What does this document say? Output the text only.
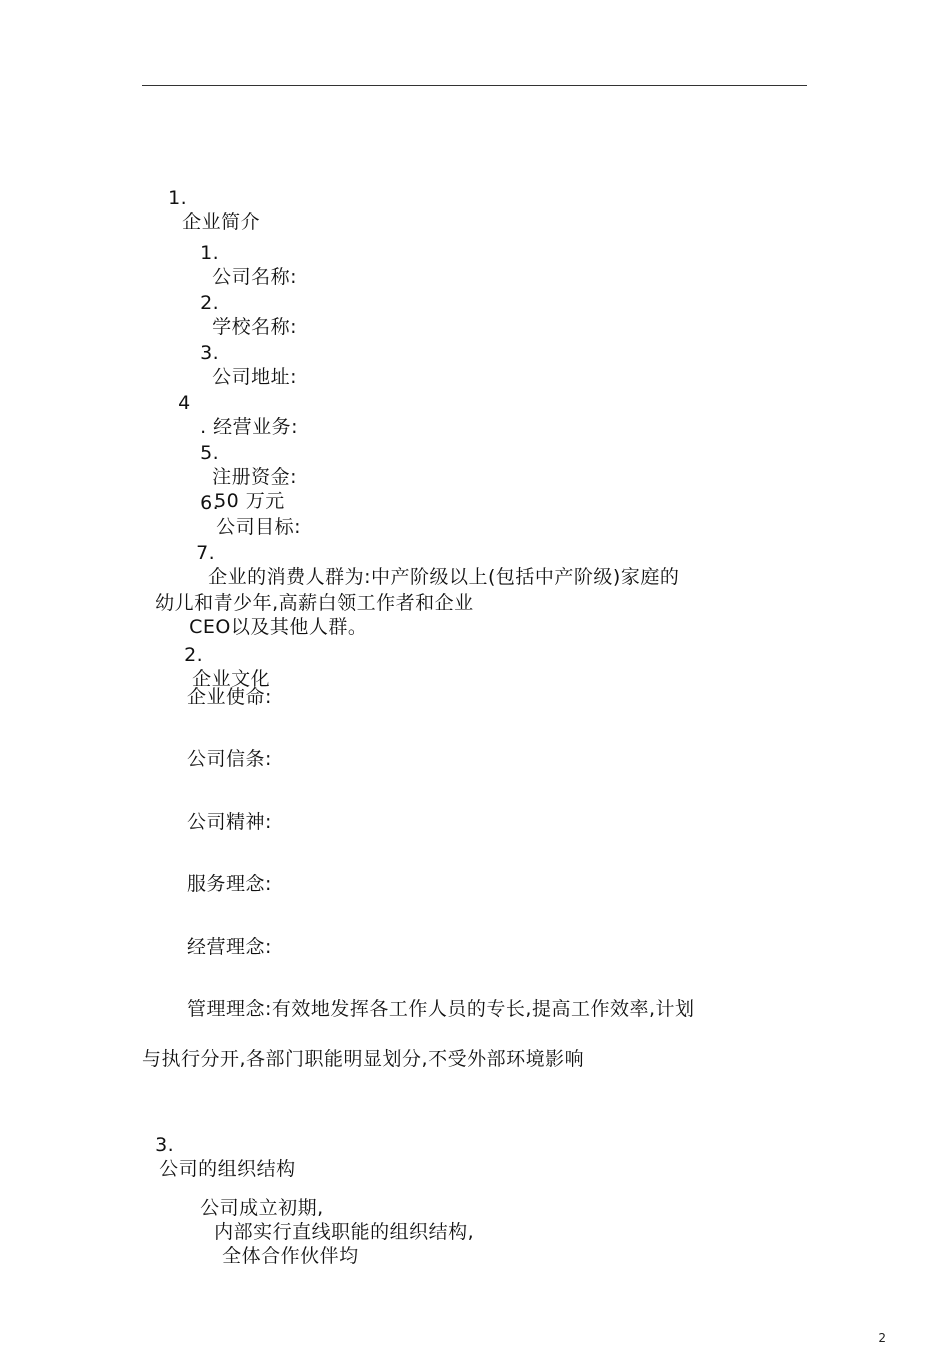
1.
企业简介

1.
公司名称:

2.
学校名称:

3.
公司地址:

4
. 经营业务:

5.
注册资金:
50 万元

6.
公司目标:

7.
企业的消费人群为:中产阶级以上(包括中产阶级)家庭的

幼儿和青少年,高薪白领工作者和企业
CEO以及其他人群。

2.
企业文化

企业使命:
公司信条:
公司精神:
服务理念:
经营理念:
管理理念:有效地发挥各工作人员的专长,提高工作效率,计划
与执行分开,各部门职能明显划分,不受外部环境影响

3.
公司的组织结构

公司成立初期,
内部实行直线职能的组织结构,
全体合作伙伴均

2
